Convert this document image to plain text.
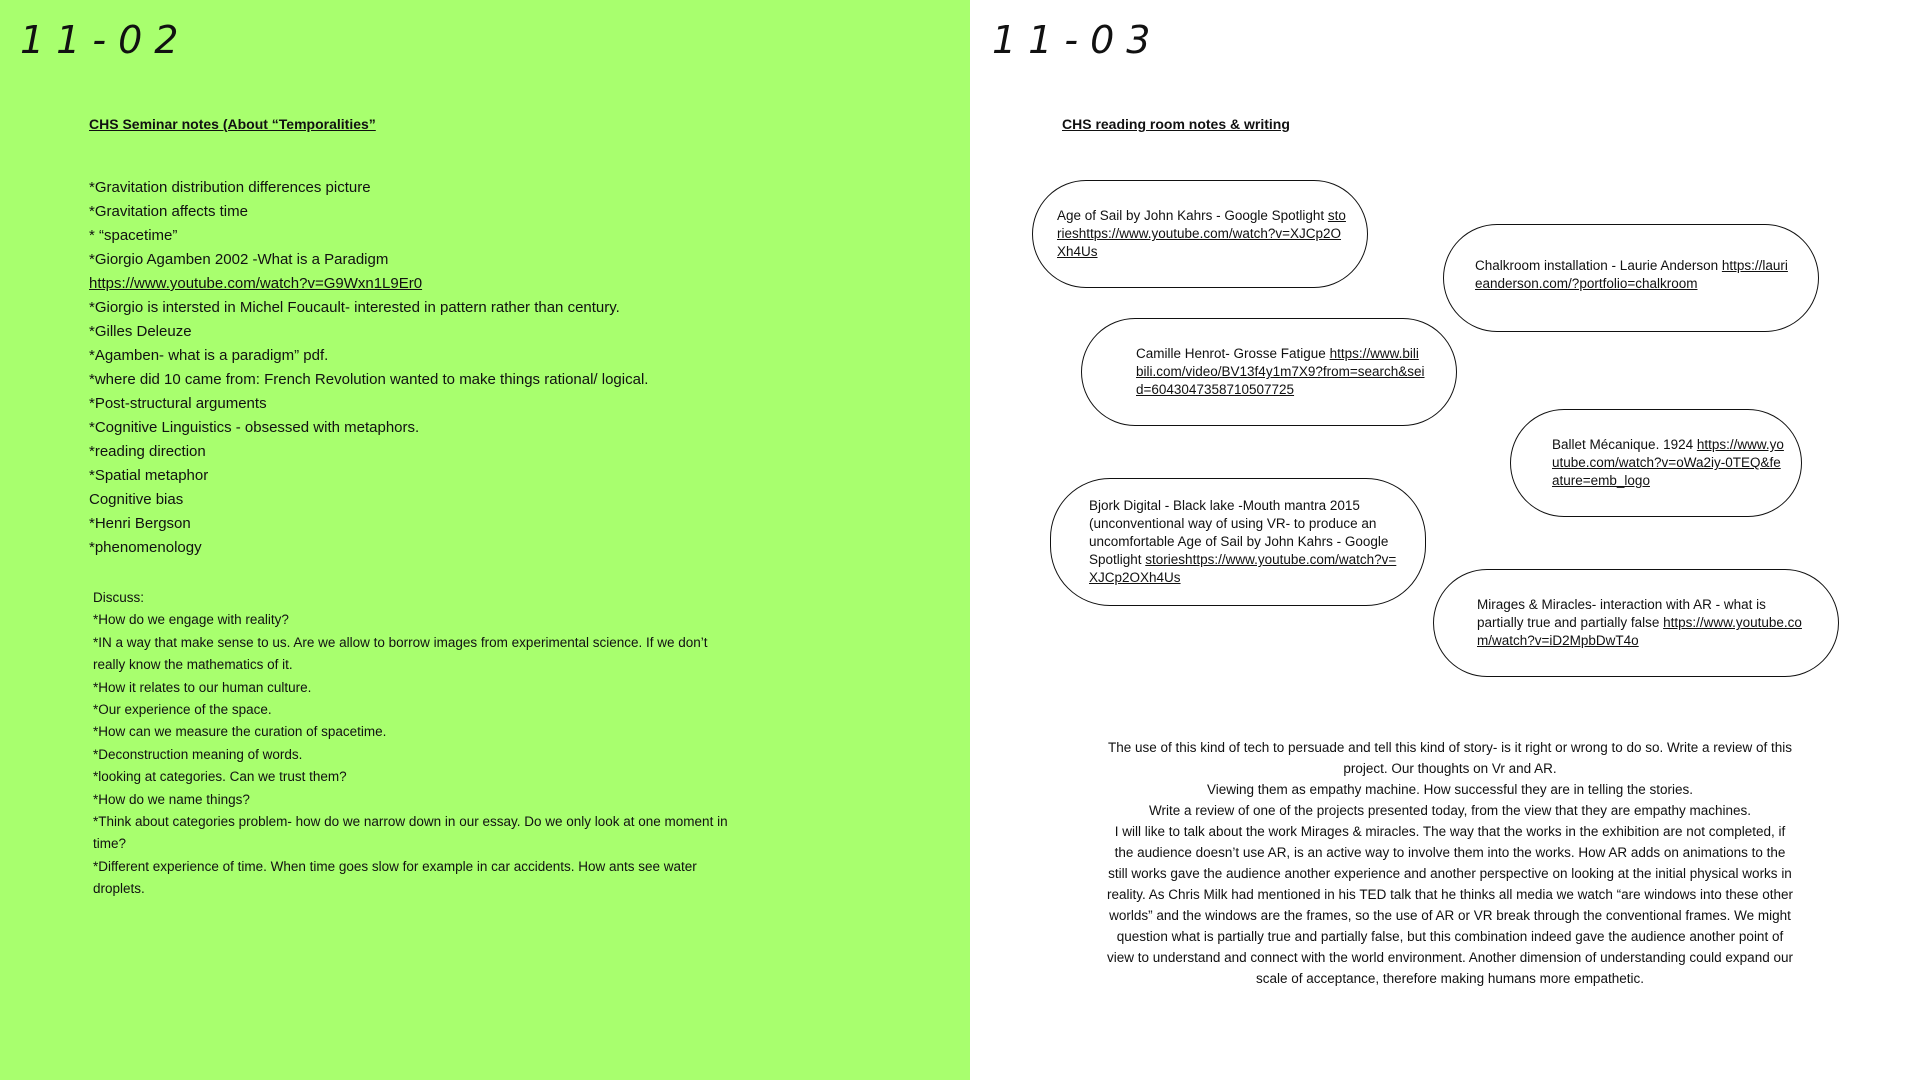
11-02
CHS Seminar notes (About “Temporalities”
*Gravitation distribution differences picture
*Gravitation affects time
* “spacetime”
*Giorgio Agamben 2002 -What is a Paradigm
https://www.youtube.com/watch?v=G9Wxn1L9Er0
*Giorgio is intersted in Michel Foucault- interested in pattern rather than century.
*Gilles Deleuze
*Agamben- what is a paradigm” pdf.
*where did 10 came from: French Revolution wanted to make things rational/ logical.
*Post-structural arguments
*Cognitive Linguistics - obsessed with metaphors.
*reading direction
*Spatial metaphor
Cognitive bias
*Henri Bergson
*phenomenology
Discuss:
*How do we engage with reality?
*IN a way that make sense to us. Are we allow to borrow images from experimental science. If we don’t really know the mathematics of it.
*How it relates to our human culture.
*Our experience of the space.
*How can we measure the curation of spacetime.
*Deconstruction meaning of words.
*looking at categories. Can we trust them?
*How do we name things?
*Think about categories problem- how do we narrow down in our essay. Do we only look at one moment in time?
*Different experience of time. When time goes slow for example in car accidents. How ants see water droplets.
11-03
CHS reading room notes & writing
Age of Sail by John Kahrs - Google Spotlight storieshttps://www.youtube.com/watch?v=XJCp2OXh4Us
Chalkroom installation - Laurie Anderson https://laurieanderson.com/?portfolio=chalkroom
Camille Henrot- Grosse Fatigue https://www.bilibili.com/video/BV13f4y1m7X9?from=search&seid=6043047358710507725
Ballet Mécanique. 1924 https://www.youtube.com/watch?v=oWa2iy-0TEQ&feature=emb_logo
Bjork Digital - Black lake -Mouth mantra 2015 (unconventional way of using VR- to produce an uncomfortable Age of Sail by John Kahrs - Google Spotlight storieshttps://www.youtube.com/watch?v=XJCp2OXh4Us
Mirages & Miracles- interaction with AR - what is partially true and partially false https://www.youtube.com/watch?v=iD2MpbDwT4o

The use of this kind of tech to persuade and tell this kind of story- is it right or wrong to do so. Write a review of this project. Our thoughts on Vr and AR.

Viewing them as empathy machine. How successful they are in telling the stories.

Write a review of one of the projects presented today, from the view that they are empathy machines.

I will like to talk about the work Mirages & miracles. The way that the works in the exhibition are not completed, if the audience doesn’t use AR, is an active way to involve them into the works. How AR adds on animations to the still works gave the audience another experience and another perspective on looking at the initial physical works in reality. As Chris Milk had mentioned in his TED talk that he thinks all media we watch “are windows into these other worlds” and the windows are the frames, so the use of AR or VR break through the conventional frames. We might question what is partially true and partially false, but this combination indeed gave the audience another point of view to understand and connect with the world environment. Another dimension of understanding could expand our scale of acceptance, therefore making humans more empathetic.
